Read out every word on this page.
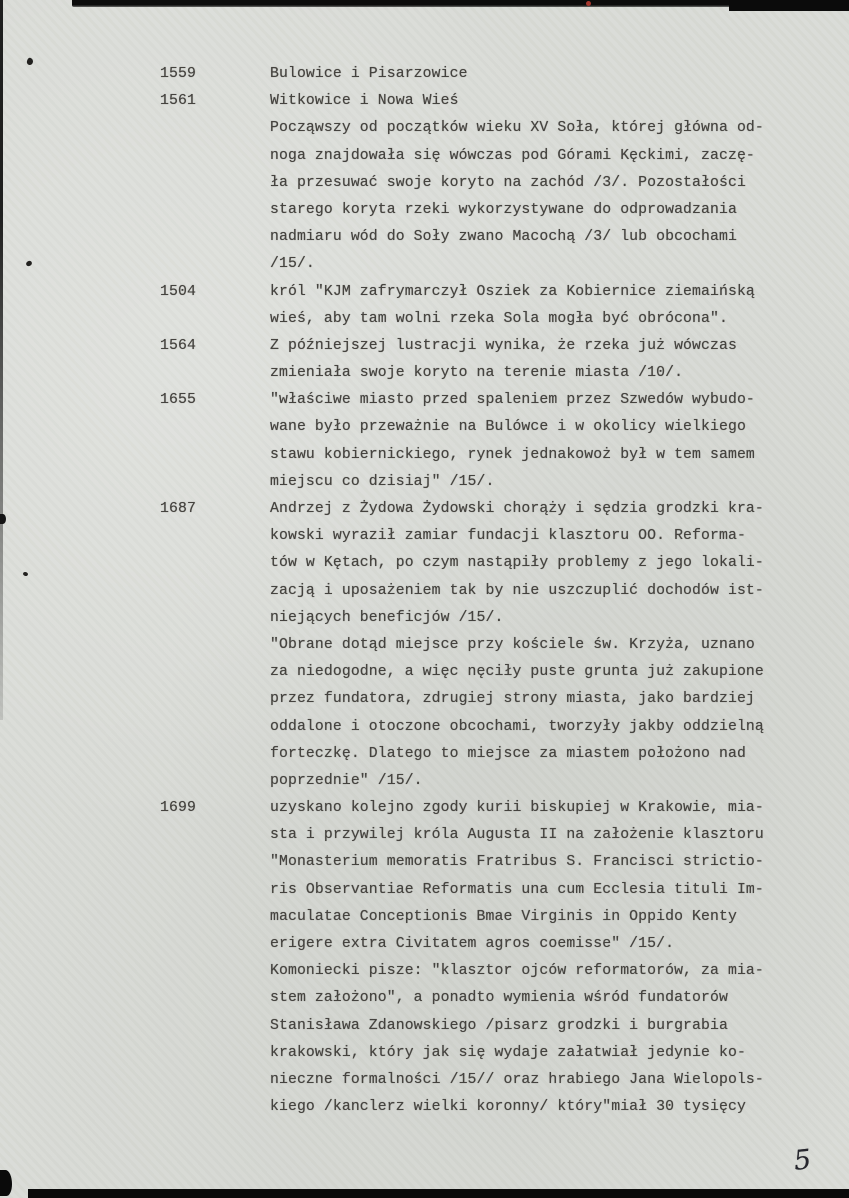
1559	Bulowice i Pisarzowice
1561	Witkowice i Nowa Wieś
Począwszy od początków wieku XV Soła, której główna od-
noga znajdowała się wówczas pod Górami Kęckimi, zaczę-
ła przesuwać swoje koryto na zachód /3/. Pozostałości
starego koryta rzeki wykorzystywane do odprowadzania
nadmiaru wód do Soły zwano Macochą /3/ lub obcochami
/15/.
1504	król "KJM zafrymarczył Osziek za Kobiernice ziemaińską
wieś, aby tam wolni rzeka Sola mogła być obrócona".
1564	Z późniejszej lustracji wynika, że rzeka już wówczas
zmieniała swoje koryto na terenie miasta /10/.
1655	"właściwe miasto przed spaleniem przez Szwedów wybudo-
wane było przeważnie na Bulówce i w okolicy wielkiego
stawu kobiernickiego, rynek jednakowoż był w tem samem
miejscu co dzisiaj" /15/.
1687	Andrzej z Żydowa Żydowski chorąży i sędzia grodzki kra-
kowski wyraził zamiar fundacji klasztoru OO. Reforma-
tów w Kętach, po czym nastąpiły problemy z jego lokali-
zacją i uposażeniem tak by nie uszczuplić dochodów ist-
niejących beneficjów /15/.
"Obrane dotąd miejsce przy kościele św. Krzyża, uznano
za niedogodne, a więc nęciły puste grunta już zakupione
przez fundatora, zdrugiej strony miasta, jako bardziej
oddalone i otoczone obcochami, tworzyły jakby oddzielną
forteczkę. Dlatego to miejsce za miastem położono nad
poprzednie" /15/.
1699	uzyskano kolejno zgody kurii biskupiej w Krakowie, mia-
sta i przywilej króla Augusta II na założenie klasztoru
"Monasterium memoratis Fratribus S. Francisci strictio-
ris Observantiae Reformatis una cum Ecclesia tituli Im-
maculatae Conceptionis Bmae Virginis in Oppido Kenty
erigere extra Civitatem agros coemisse" /15/.
Komoniecki pisze: "klasztor ojców reformatorów, za mia-
stem założono", a ponadto wymienia wśród fundatorów
Stanisława Zdanowskiego /pisarz grodzki i burgrabia
krakowski, który jak się wydaje załatwiał jedynie ko-
nieczne formalności /15// oraz hrabiego Jana Wielopols-
kiego /kanclerz wielki koronny/ który"miał 30 tysięcy
5
